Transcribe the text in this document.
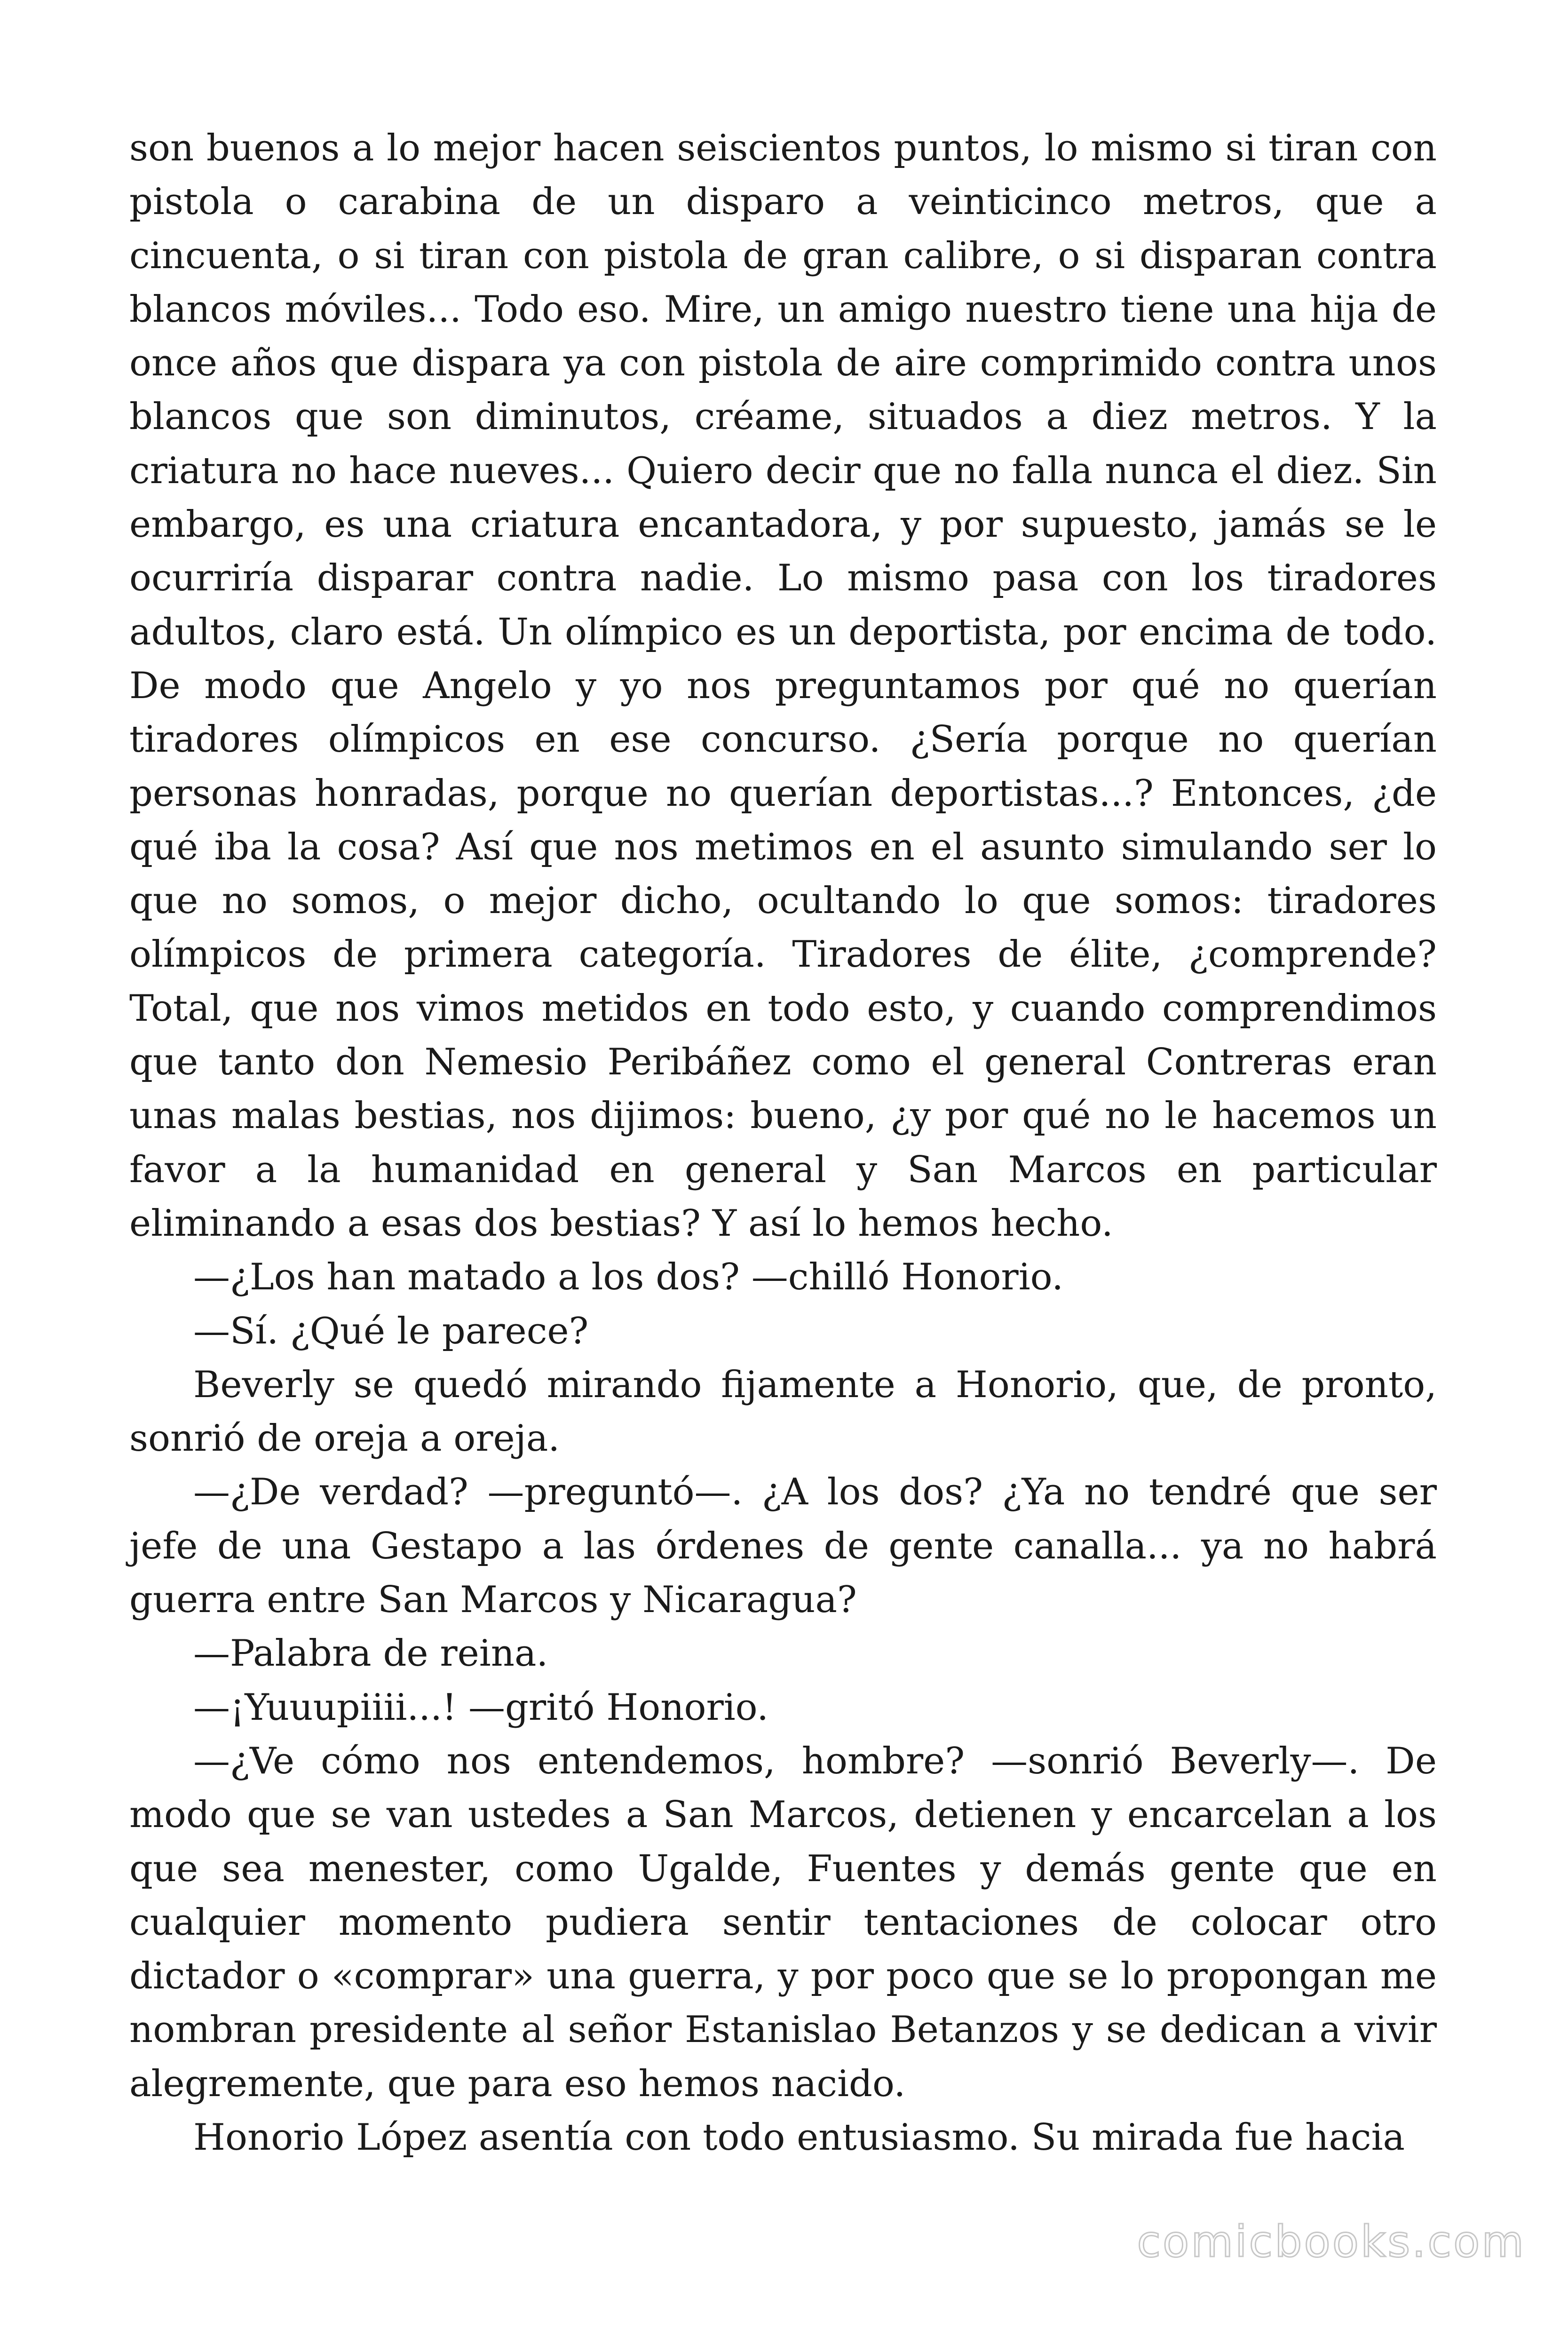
son buenos a lo mejor hacen seiscientos puntos, lo mismo si tiran con pistola o carabina de un disparo a veinticinco metros, que a cincuenta, o si tiran con pistola de gran calibre, o si disparan contra blancos móviles... Todo eso. Mire, un amigo nuestro tiene una hija de once años que dispara ya con pistola de aire comprimido contra unos blancos que son diminutos, créame, situados a diez metros. Y la criatura no hace nueves... Quiero decir que no falla nunca el diez. Sin embargo, es una criatura encantadora, y por supuesto, jamás se le ocurriría disparar contra nadie. Lo mismo pasa con los tiradores adultos, claro está. Un olímpico es un deportista, por encima de todo. De modo que Angelo y yo nos preguntamos por qué no querían tiradores olímpicos en ese concurso. ¿Sería porque no querían personas honradas, porque no querían deportistas...? Entonces, ¿de qué iba la cosa? Así que nos metimos en el asunto simulando ser lo que no somos, o mejor dicho, ocultando lo que somos: tiradores olímpicos de primera categoría. Tiradores de élite, ¿comprende? Total, que nos vimos metidos en todo esto, y cuando comprendimos que tanto don Nemesio Peribáñez como el general Contreras eran unas malas bestias, nos dijimos: bueno, ¿y por qué no le hacemos un favor a la humanidad en general y San Marcos en particular eliminando a esas dos bestias? Y así lo hemos hecho.

—¿Los han matado a los dos? —chilló Honorio.

—Sí. ¿Qué le parece?

Beverly se quedó mirando fijamente a Honorio, que, de pronto, sonrió de oreja a oreja.

—¿De verdad? —preguntó—. ¿A los dos? ¿Ya no tendré que ser jefe de una Gestapo a las órdenes de gente canalla... ya no habrá guerra entre San Marcos y Nicaragua?

—Palabra de reina.

—¡Yuuupiiii...! —gritó Honorio.

—¿Ve cómo nos entendemos, hombre? —sonrió Beverly—. De modo que se van ustedes a San Marcos, detienen y encarcelan a los que sea menester, como Ugalde, Fuentes y demás gente que en cualquier momento pudiera sentir tentaciones de colocar otro dictador o «comprar» una guerra, y por poco que se lo propongan me nombran presidente al señor Estanislao Betanzos y se dedican a vivir alegremente, que para eso hemos nacido.

Honorio López asentía con todo entusiasmo. Su mirada fue hacia

comicbooks.com
